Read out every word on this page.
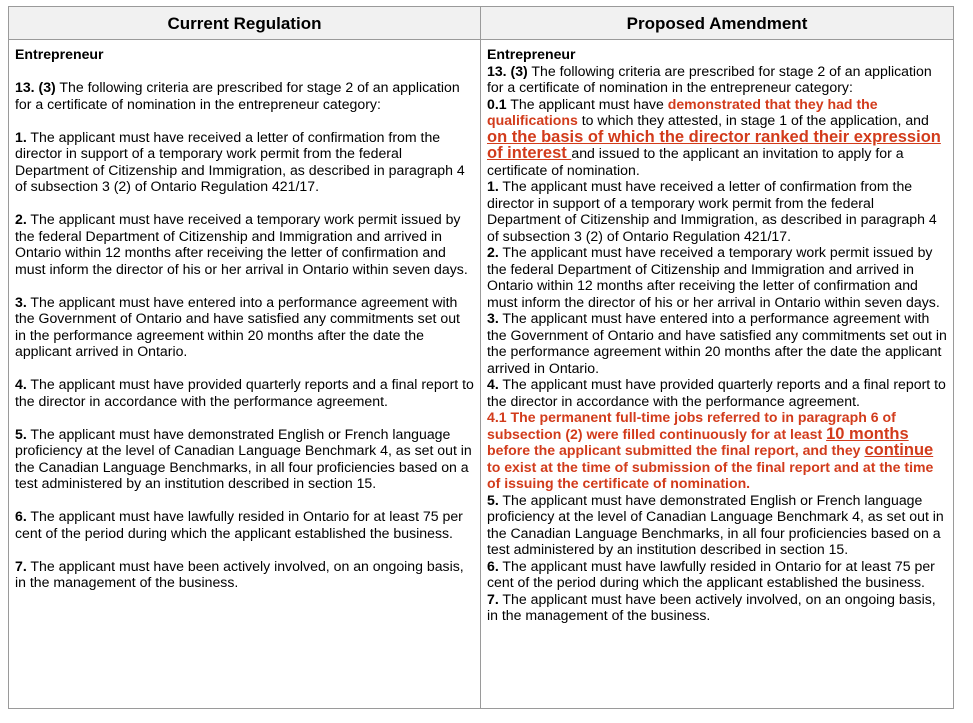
Current Regulation	Proposed Amendment

Entrepreneur

13. (3) The following criteria are prescribed for stage 2 of an application for a certificate of nomination in the entrepreneur category:

1. The applicant must have received a letter of confirmation from the director in support of a temporary work permit from the federal Department of Citizenship and Immigration, as described in paragraph 4 of subsection 3 (2) of Ontario Regulation 421/17.

2. The applicant must have received a temporary work permit issued by the federal Department of Citizenship and Immigration and arrived in Ontario within 12 months after receiving the letter of confirmation and must inform the director of his or her arrival in Ontario within seven days.

3. The applicant must have entered into a performance agreement with the Government of Ontario and have satisfied any commitments set out in the performance agreement within 20 months after the date the applicant arrived in Ontario.

4. The applicant must have provided quarterly reports and a final report to the director in accordance with the performance agreement.

5. The applicant must have demonstrated English or French language proficiency at the level of Canadian Language Benchmark 4, as set out in the Canadian Language Benchmarks, in all four proficiencies based on a test administered by an institution described in section 15.

6. The applicant must have lawfully resided in Ontario for at least 75 per cent of the period during which the applicant established the business.

7. The applicant must have been actively involved, on an ongoing basis, in the management of the business.

Entrepreneur

13. (3) The following criteria are prescribed for stage 2 of an application for a certificate of nomination in the entrepreneur category:

0.1 The applicant must have demonstrated that they had the qualifications to which they attested, in stage 1 of the application, and on the basis of which the director ranked their expression of interest and issued to the applicant an invitation to apply for a certificate of nomination.

1. The applicant must have received a letter of confirmation from the director in support of a temporary work permit from the federal Department of Citizenship and Immigration, as described in paragraph 4 of subsection 3 (2) of Ontario Regulation 421/17.

2. The applicant must have received a temporary work permit issued by the federal Department of Citizenship and Immigration and arrived in Ontario within 12 months after receiving the letter of confirmation and must inform the director of his or her arrival in Ontario within seven days.

3. The applicant must have entered into a performance agreement with the Government of Ontario and have satisfied any commitments set out in the performance agreement within 20 months after the date the applicant arrived in Ontario.

4. The applicant must have provided quarterly reports and a final report to the director in accordance with the performance agreement.

4.1 The permanent full-time jobs referred to in paragraph 6 of subsection (2) were filled continuously for at least 10 months before the applicant submitted the final report, and they continue to exist at the time of submission of the final report and at the time of issuing the certificate of nomination.

5. The applicant must have demonstrated English or French language proficiency at the level of Canadian Language Benchmark 4, as set out in the Canadian Language Benchmarks, in all four proficiencies based on a test administered by an institution described in section 15.

6. The applicant must have lawfully resided in Ontario for at least 75 per cent of the period during which the applicant established the business.

7. The applicant must have been actively involved, on an ongoing basis, in the management of the business.
